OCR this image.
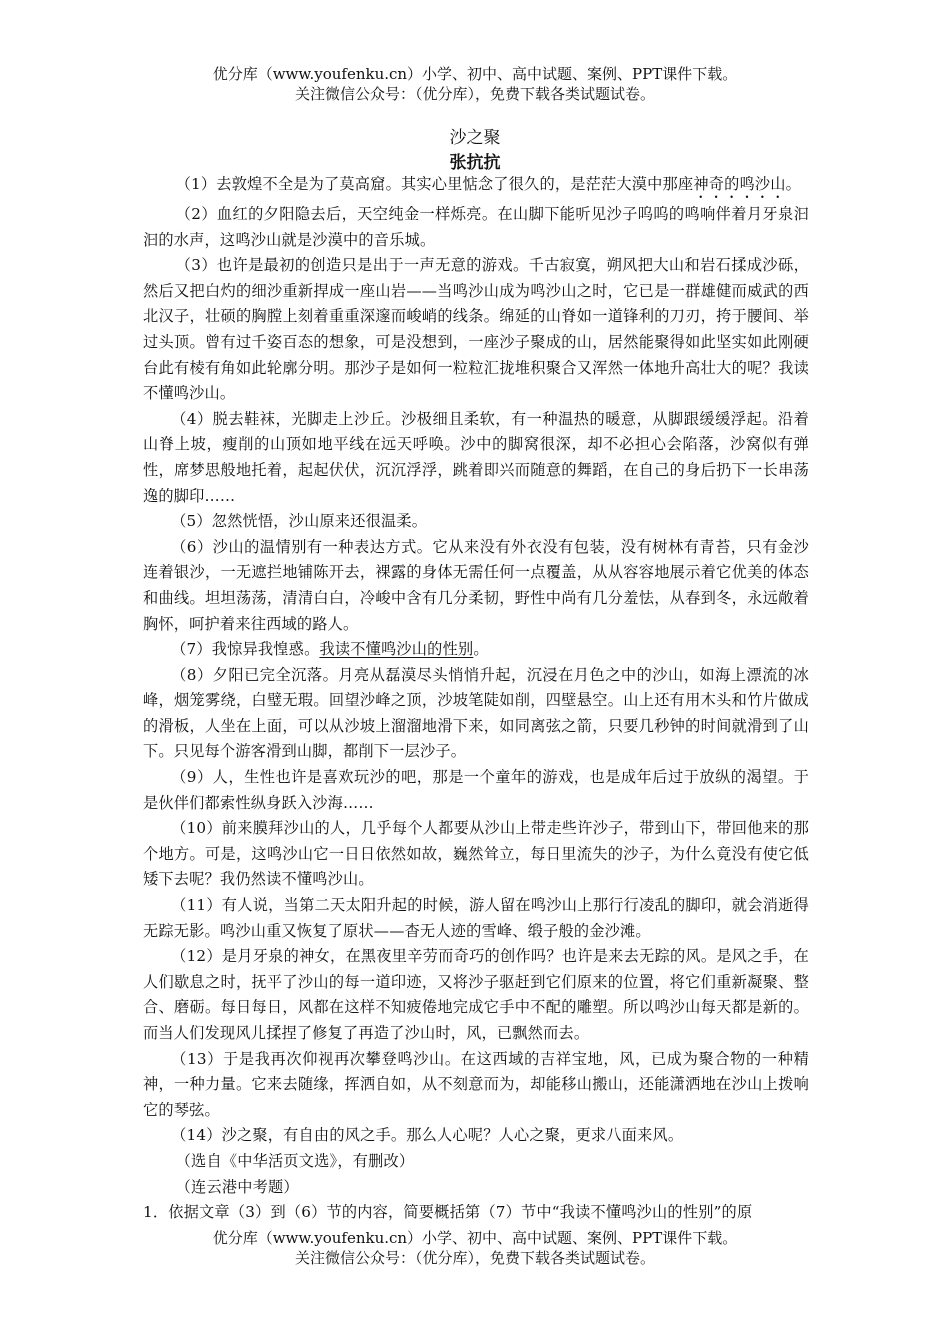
优分库（www.youfenku.cn）小学、初中、高中试题、案例、PPT课件下载。
关注微信公众号：（优分库），免费下载各类试题试卷。
沙之聚
张抗抗

（1）去敦煌不全是为了莫高窟。其实心里惦念了很久的，是茫茫大漠中那座神奇的鸣沙山。

（2）血红的夕阳隐去后，天空纯金一样烁亮。在山脚下能听见沙子呜呜的鸣响伴着月牙泉汩汩的水声，这鸣沙山就是沙漠中的音乐城。

（3）也许是最初的创造只是出于一声无意的游戏。千古寂寞，朔风把大山和岩石揉成沙砾，然后又把白灼的细沙重新捍成一座山岩——当鸣沙山成为鸣沙山之时，它已是一群雄健而威武的西北汉子，壮硕的胸膛上刻着重重深邃而峻峭的线条。绵延的山脊如一道锋利的刀刃，挎于腰间、举过头顶。曾有过千姿百态的想象，可是没想到，一座沙子聚成的山，居然能聚得如此坚实如此刚硬台此有棱有角如此轮廓分明。那沙子是如何一粒粒汇拢堆积聚合又浑然一体地升高壮大的呢？我读不懂鸣沙山。

（4）脱去鞋袜，光脚走上沙丘。沙极细且柔软，有一种温热的暖意，从脚跟缓缓浮起。沿着山脊上坡，瘦削的山顶如地平线在远天呼唤。沙中的脚窝很深，却不必担心会陷落，沙窝似有弹性，席梦思般地托着，起起伏伏，沉沉浮浮，跳着即兴而随意的舞蹈，在自己的身后扔下一长串荡逸的脚印……

（5）忽然恍悟，沙山原来还很温柔。

（6）沙山的温情别有一种表达方式。它从来没有外衣没有包装，没有树林有青苔，只有金沙连着银沙，一无遮拦地铺陈开去，裸露的身体无需任何一点覆盖，从从容容地展示着它优美的体态和曲线。坦坦荡荡，清清白白，冷峻中含有几分柔韧，野性中尚有几分羞怯，从春到冬，永远敞着胸怀，呵护着来往西域的路人。

（7）我惊异我惶惑。我读不懂鸣沙山的性别。

（8）夕阳已完全沉落。月亮从磊漠尽头悄悄升起，沉浸在月色之中的沙山，如海上漂流的冰峰，烟笼雾绕，白璧无瑕。回望沙峰之顶，沙坡笔陡如削，四壁悬空。山上还有用木头和竹片做成的滑板，人坐在上面，可以从沙坡上溜溜地滑下来，如同离弦之箭，只要几秒钟的时间就滑到了山下。只见每个游客滑到山脚，都削下一层沙子。

（9）人，生性也许是喜欢玩沙的吧，那是一个童年的游戏，也是成年后过于放纵的渴望。于是伙伴们都索性纵身跃入沙海……

（10）前来膜拜沙山的人，几乎每个人都要从沙山上带走些许沙子，带到山下，带回他来的那个地方。可是，这鸣沙山它一日日依然如故，巍然耸立，每日里流失的沙子，为什么竟没有使它低矮下去呢？我仍然读不懂鸣沙山。

（11）有人说，当第二天太阳升起的时候，游人留在鸣沙山上那行行凌乱的脚印，就会消逝得无踪无影。鸣沙山重又恢复了原状——杳无人迹的雪峰、缎子般的金沙滩。

（12）是月牙泉的神女，在黑夜里辛劳而奇巧的创作吗？也许是来去无踪的风。是风之手，在人们歇息之时，抚平了沙山的每一道印迹，又将沙子驱赶到它们原来的位置，将它们重新凝聚、整合、磨砺。每日每日，风都在这样不知疲倦地完成它手中不配的雕塑。所以鸣沙山每天都是新的。而当人们发现风儿揉捏了修复了再造了沙山时，风，已飘然而去。

（13）于是我再次仰视再次攀登鸣沙山。在这西域的吉祥宝地，风，已成为聚合物的一种精神，一种力量。它来去随缘，挥洒自如，从不刻意而为，却能移山搬山，还能潇洒地在沙山上拨响它的琴弦。

（14）沙之聚，有自由的风之手。那么人心呢？人心之聚，更求八面来风。

（选自《中华活页文选》，有删改）

（连云港中考题）

1．依据文章（3）到（6）节的内容，简要概括第（7）节中“我读不懂鸣沙山的性别”的原

优分库（www.youfenku.cn）小学、初中、高中试题、案例、PPT课件下载。
关注微信公众号：（优分库），免费下载各类试题试卷。
